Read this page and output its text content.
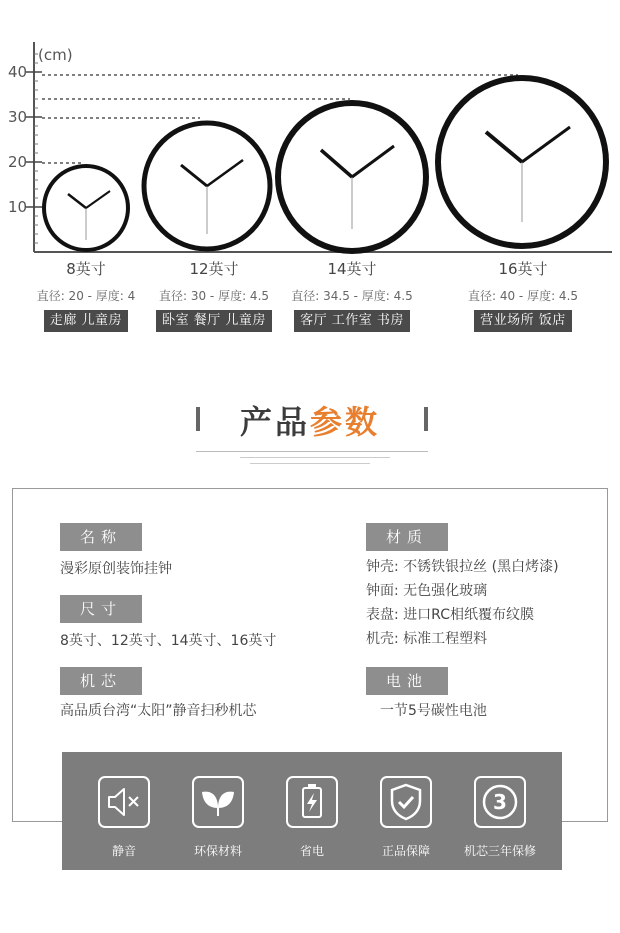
(cm)
10
20
30
40
8英寸
直径: 20 - 厚度: 4
走廊 儿童房
12英寸
直径: 30 - 厚度: 4.5
卧室 餐厅 儿童房
14英寸
直径: 34.5 - 厚度: 4.5
客厅 工作室 书房
16英寸
直径: 40 - 厚度: 4.5
营业场所 饭店
产品参数
名称
漫彩原创装饰挂钟
尺寸
8英寸、12英寸、14英寸、16英寸
机芯
高品质台湾“太阳”静音扫秒机芯
材质
钟壳: 不锈铁银拉丝 (黑白烤漆)
钟面: 无色强化玻璃
表盘: 进口RC相纸覆布纹膜
机壳: 标准工程塑料
电池
一节5号碳性电池
静音	环保材料	省电	正品保障
3
机芯三年保修
